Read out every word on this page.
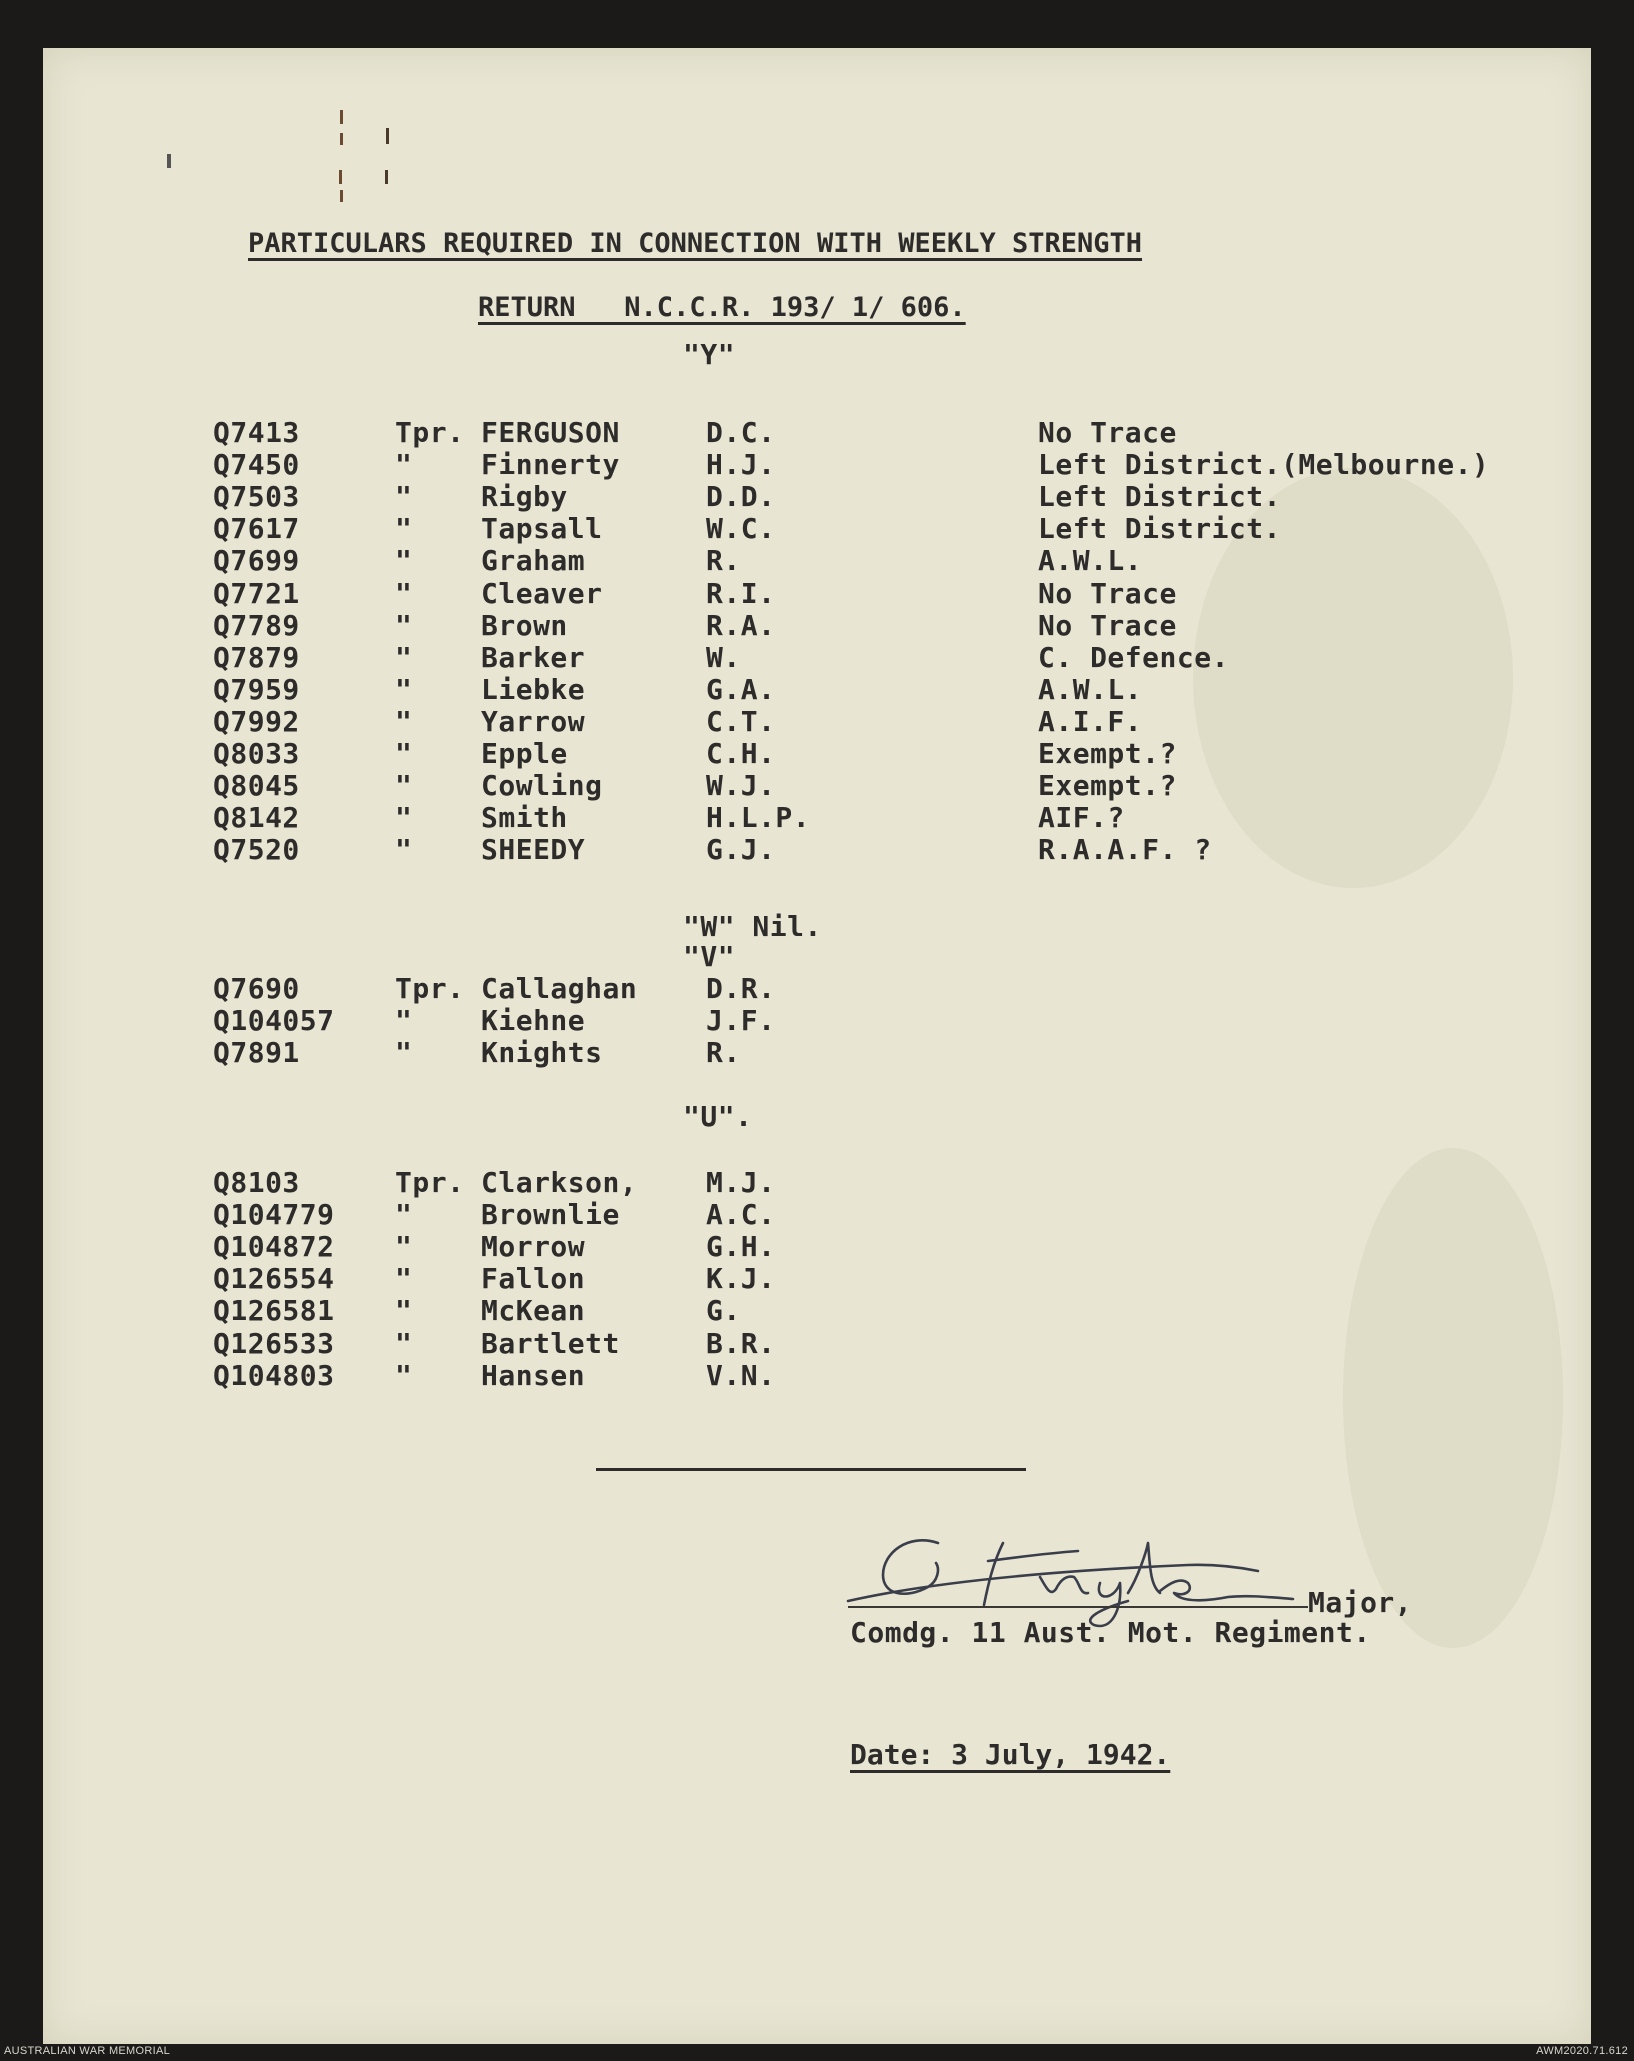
PARTICULARS REQUIRED IN CONNECTION WITH WEEKLY STRENGTH
RETURN   N.C.C.R. 193/ 1/ 606.
"Y"
Q7413	Tpr. FERGUSON	D.C.	No Trace
Q7450	" Finnerty	H.J.	Left District.(Melbourne.)
Q7503	" Rigby	D.D.	Left District.
Q7617	" Tapsall	W.C.	Left District.
Q7699	" Graham	R.	A.W.L.
Q7721	" Cleaver	R.I.	No Trace
Q7789	" Brown	R.A.	No Trace
Q7879	" Barker	W.	C. Defence.
Q7959	" Liebke	G.A.	A.W.L.
Q7992	" Yarrow	C.T.	A.I.F.
Q8033	" Epple	C.H.	Exempt.?
Q8045	" Cowling	W.J.	Exempt.?
Q8142	" Smith	H.L.P.	AIF.?
Q7520	" SHEEDY	G.J.	R.A.A.F. ?
"W" Nil.
"V"
Q7690	Tpr. Callaghan D.R.
Q104057 " Kiehne	J.F.
Q7891	" Knights	R.
"U".
Q8103	Tpr. Clarkson, M.J.
Q104779 " Brownlie	A.C.
Q104872 " Morrow	G.H.
Q126554 " Fallon	K.J.
Q126581 " McKean	G.
Q126533 " Bartlett	B.R.
Q104803 " Hansen	V.N.
Major,
Comdg. 11 Aust. Mot. Regiment.
Date: 3 July, 1942.
AUSTRALIAN WAR MEMORIAL	AWM2020.71.612
